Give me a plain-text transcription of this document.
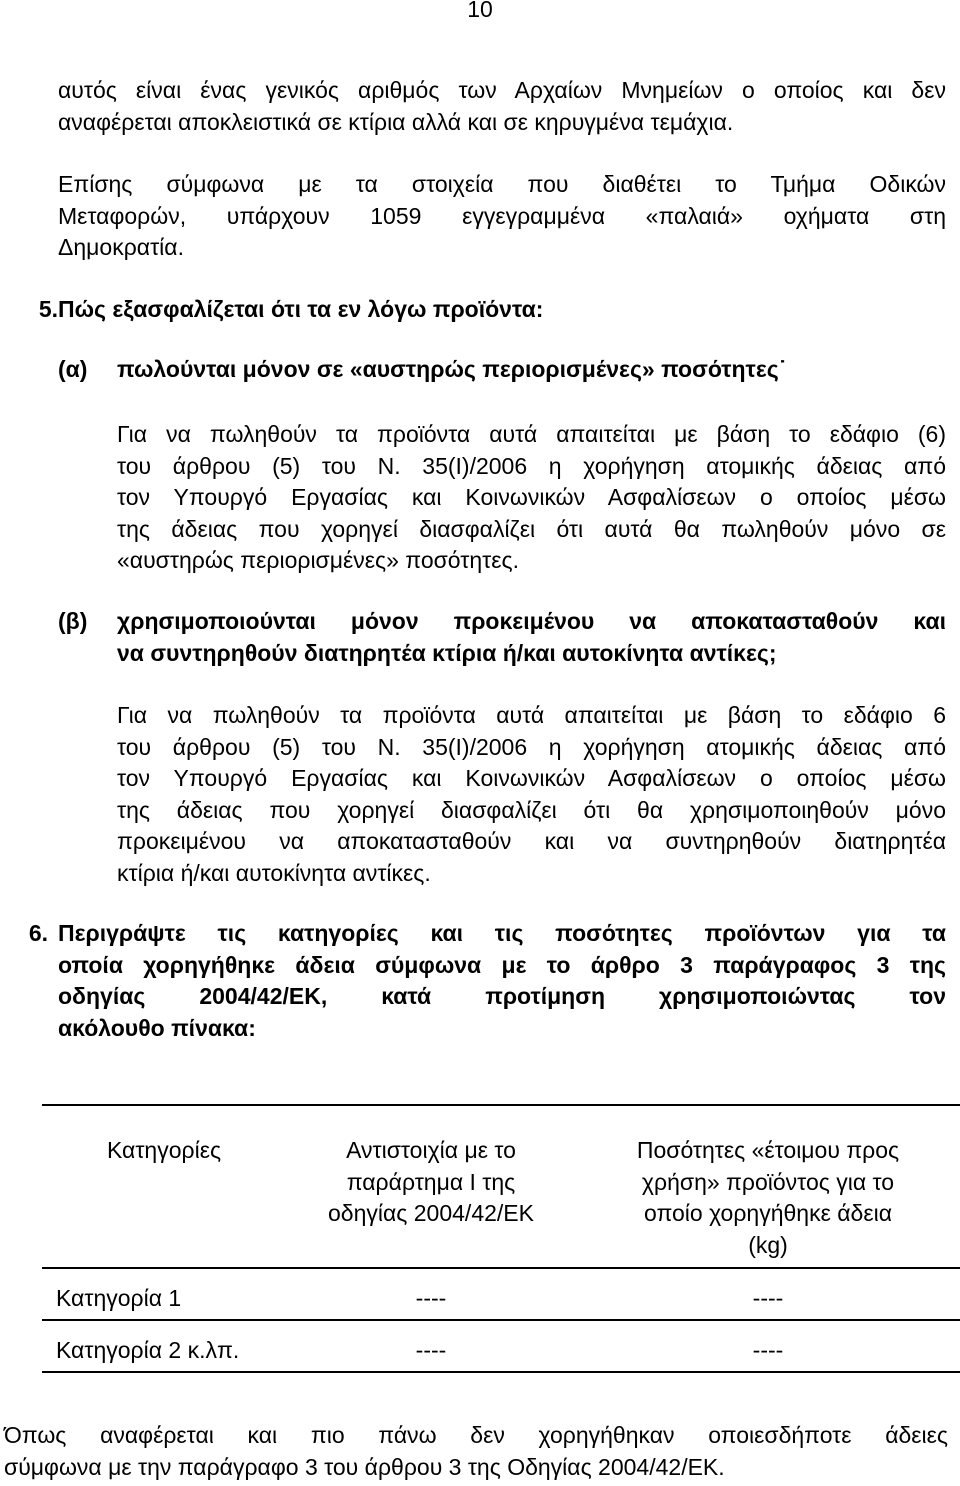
10
αυτός είναι ένας γενικός αριθμός των Αρχαίων Μνημείων ο οποίος και δεν
αναφέρεται αποκλειστικά σε κτίρια αλλά και σε κηρυγμένα τεμάχια.
Επίσης σύμφωνα με τα στοιχεία που διαθέτει το Τμήμα Οδικών
Μεταφορών, υπάρχουν 1059 εγγεγραμμένα «παλαιά» οχήματα στη
Δημοκρατία.
5. Πώς εξασφαλίζεται ότι τα εν λόγω προϊόντα:
(α) πωλούνται μόνον σε «αυστηρώς περιορισμένες» ποσότητες˙
Για να πωληθούν τα προϊόντα αυτά απαιτείται με βάση το εδάφιο (6)
του άρθρου (5) του Ν. 35(Ι)/2006 η χορήγηση ατομικής άδειας από
τον Υπουργό Εργασίας και Κοινωνικών Ασφαλίσεων ο οποίος μέσω
της άδειας που χορηγεί διασφαλίζει ότι αυτά θα πωληθούν μόνο σε
«αυστηρώς περιορισμένες» ποσότητες.
(β) χρησιμοποιούνται μόνον προκειμένου να αποκατασταθούν και
να συντηρηθούν διατηρητέα κτίρια ή/και αυτοκίνητα αντίκες;
Για να πωληθούν τα προϊόντα αυτά απαιτείται με βάση το εδάφιο 6
του άρθρου (5) του Ν. 35(Ι)/2006 η χορήγηση ατομικής άδειας από
τον Υπουργό Εργασίας και Κοινωνικών Ασφαλίσεων ο οποίος μέσω
της άδειας που χορηγεί διασφαλίζει ότι θα χρησιμοποιηθούν μόνο
προκειμένου να αποκατασταθούν και να συντηρηθούν διατηρητέα
κτίρια ή/και αυτοκίνητα αντίκες.
6. Περιγράψτε τις κατηγορίες και τις ποσότητες προϊόντων για τα
οποία χορηγήθηκε άδεια σύμφωνα με το άρθρο 3 παράγραφος 3 της
οδηγίας 2004/42/ΕΚ, κατά προτίμηση χρησιμοποιώντας τον
ακόλουθο πίνακα:
Κατηγορίες	Αντιστοιχία με το
παράρτημα Ι της
οδηγίας 2004/42/ΕΚ	Ποσότητες «έτοιμου προς
χρήση» προϊόντος για το
οποίο χορηγήθηκε άδεια
(kg)

Κατηγορία 1	----	----
Κατηγορία 2 κ.λπ.	----	----
Όπως αναφέρεται και πιο πάνω δεν χορηγήθηκαν οποιεσδήποτε άδειες
σύμφωνα με την παράγραφο 3 του άρθρου 3 της Οδηγίας 2004/42/ΕΚ.
